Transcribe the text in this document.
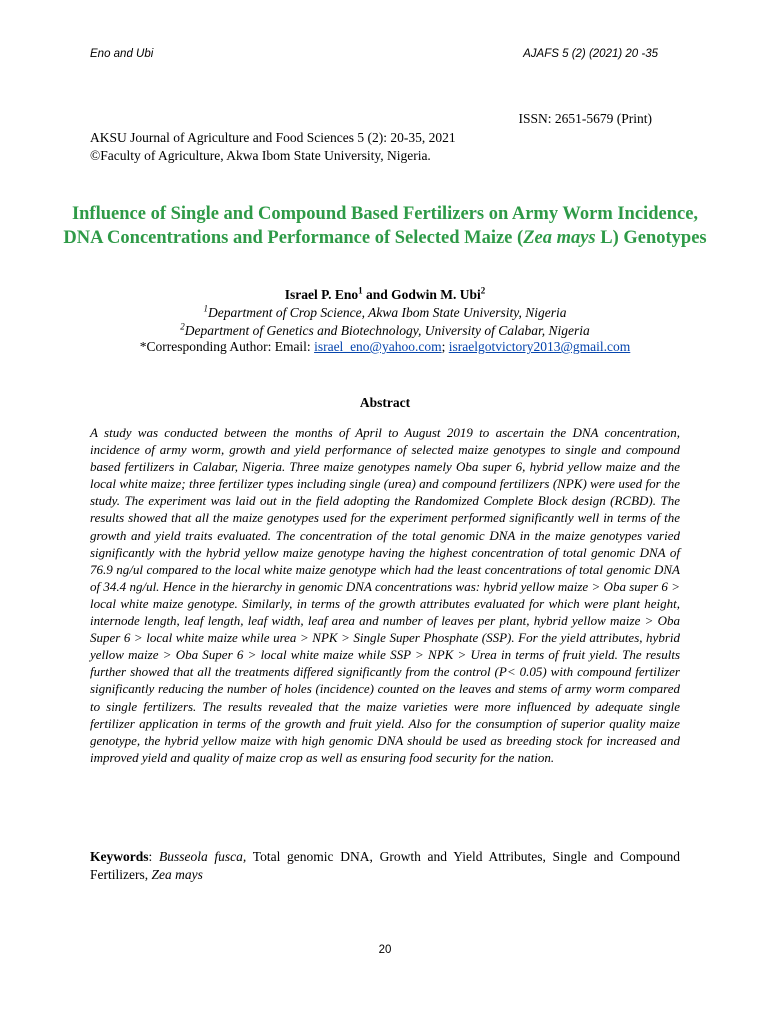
Eno and Ubi	AJAFS 5 (2) (2021) 20 -35
ISSN: 2651-5679 (Print)
AKSU Journal of Agriculture and Food Sciences 5 (2): 20-35, 2021
©Faculty of Agriculture, Akwa Ibom State University, Nigeria.
Influence of Single and Compound Based Fertilizers on Army Worm Incidence, DNA Concentrations and Performance of Selected Maize (Zea mays L) Genotypes
Israel P. Eno$^1$ and Godwin M. Ubi$^2$
$^1$Department of Crop Science, Akwa Ibom State University, Nigeria
$^2$Department of Genetics and Biotechnology, University of Calabar, Nigeria
*Corresponding Author: Email: israel_eno@yahoo.com; israelgotvictory2013@gmail.com
Abstract

A study was conducted between the months of April to August 2019 to ascertain the DNA concentration, incidence of army worm, growth and yield performance of selected maize genotypes to single and compound based fertilizers in Calabar, Nigeria. Three maize genotypes namely Oba super 6, hybrid yellow maize and the local white maize; three fertilizer types including single (urea) and compound fertilizers (NPK) were used for the study. The experiment was laid out in the field adopting the Randomized Complete Block design (RCBD). The results showed that all the maize genotypes used for the experiment performed significantly well in terms of the growth and yield traits evaluated. The concentration of the total genomic DNA in the maize genotypes varied significantly with the hybrid yellow maize genotype having the highest concentration of total genomic DNA of 76.9 ng/ul compared to the local white maize genotype which had the least concentrations of total genomic DNA of 34.4 ng/ul. Hence in the hierarchy in genomic DNA concentrations was: hybrid yellow maize > Oba super 6 > local white maize genotype. Similarly, in terms of the growth attributes evaluated for which were plant height, internode length, leaf length, leaf width, leaf area and number of leaves per plant, hybrid yellow maize > Oba Super 6 > local white maize while urea > NPK > Single Super Phosphate (SSP). For the yield attributes, hybrid yellow maize > Oba Super 6 > local white maize while SSP > NPK > Urea in terms of fruit yield. The results further showed that all the treatments differed significantly from the control (P< 0.05) with compound fertilizer significantly reducing the number of holes (incidence) counted on the leaves and stems of army worm compared to single fertilizers. The results revealed that the maize varieties were more influenced by adequate single fertilizer application in terms of the growth and fruit yield. Also for the consumption of superior quality maize genotype, the hybrid yellow maize with high genomic DNA should be used as breeding stock for increased and improved yield and quality of maize crop as well as ensuring food security for the nation.

Keywords: Busseola fusca, Total genomic DNA, Growth and Yield Attributes, Single and Compound Fertilizers, Zea mays

20
